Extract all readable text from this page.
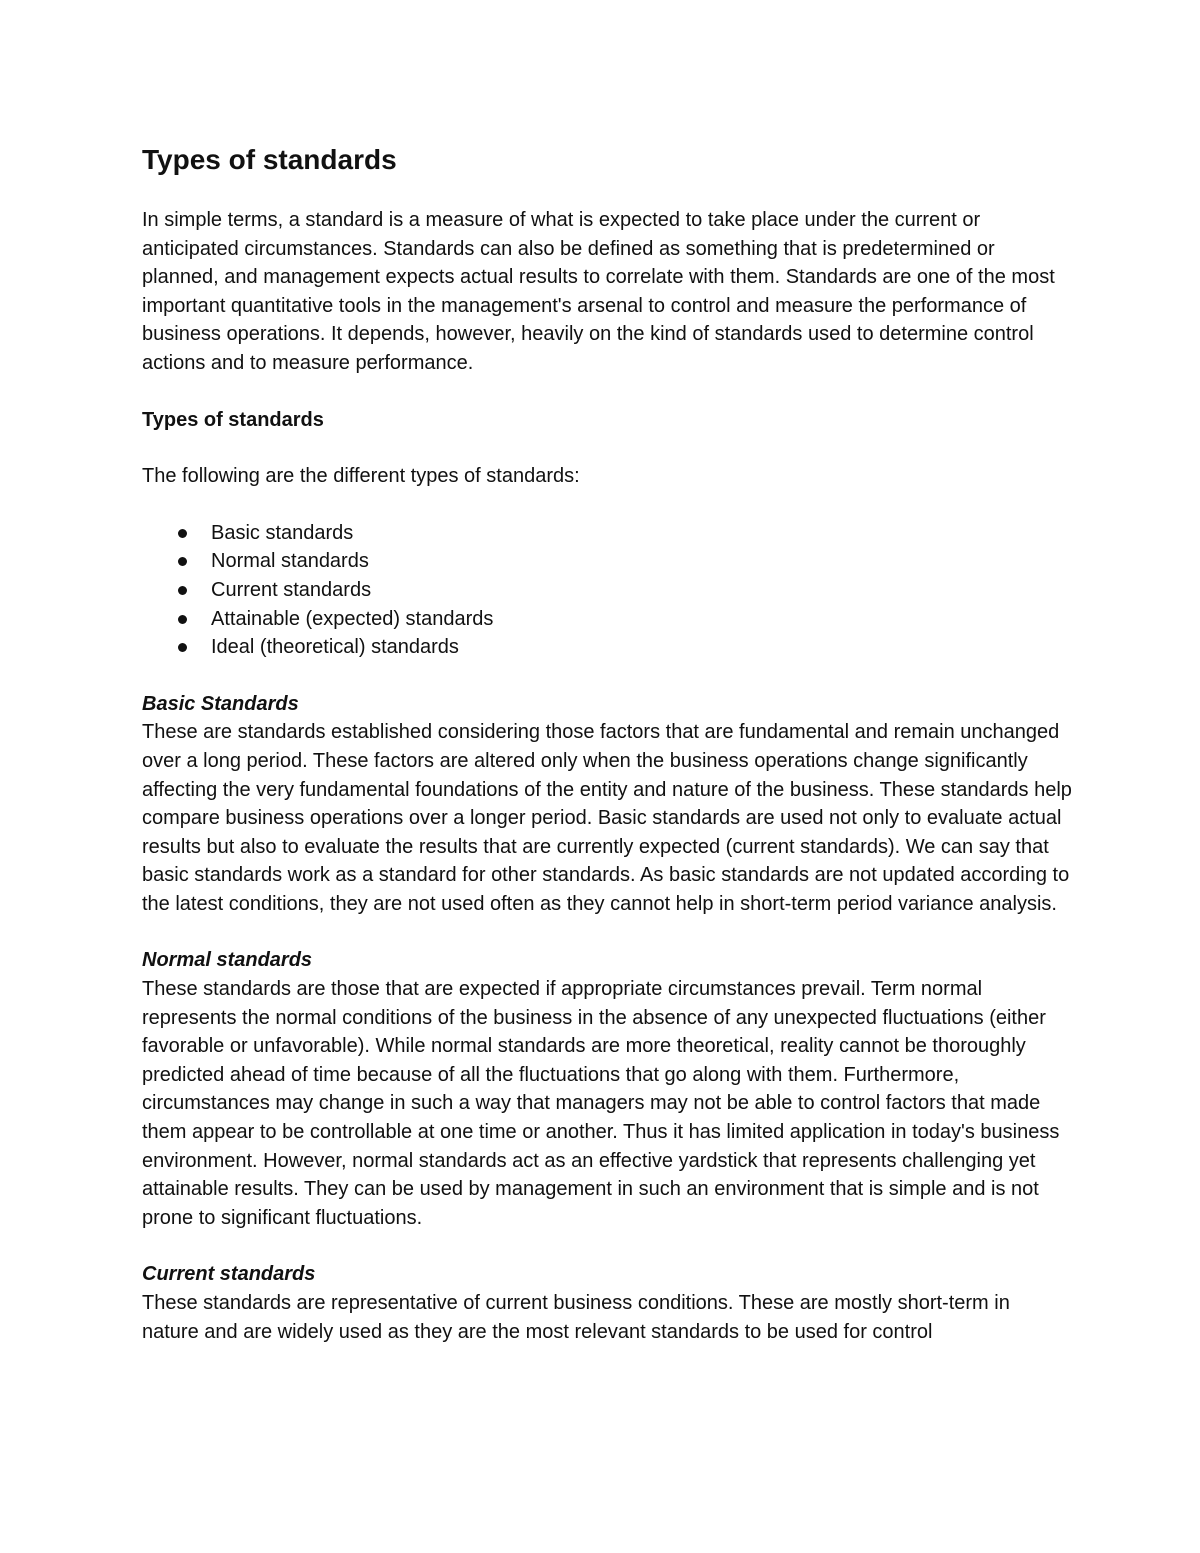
Types of standards

In simple terms, a standard is a measure of what is expected to take place under the current or anticipated circumstances. Standards can also be defined as something that is predetermined or planned, and management expects actual results to correlate with them. Standards are one of the most important quantitative tools in the management's arsenal to control and measure the performance of business operations. It depends, however, heavily on the kind of standards used to determine control actions and to measure performance.

Types of standards

The following are the different types of standards:

Basic standards
Normal standards
Current standards
Attainable (expected) standards
Ideal (theoretical) standards

Basic Standards

These are standards established considering those factors that are fundamental and remain unchanged over a long period. These factors are altered only when the business operations change significantly affecting the very fundamental foundations of the entity and nature of the business. These standards help compare business operations over a longer period. Basic standards are used not only to evaluate actual results but also to evaluate the results that are currently expected (current standards). We can say that basic standards work as a standard for other standards. As basic standards are not updated according to the latest conditions, they are not used often as they cannot help in short-term period variance analysis.

Normal standards

These standards are those that are expected if appropriate circumstances prevail. Term normal represents the normal conditions of the business in the absence of any unexpected fluctuations (either favorable or unfavorable). While normal standards are more theoretical, reality cannot be thoroughly predicted ahead of time because of all the fluctuations that go along with them. Furthermore, circumstances may change in such a way that managers may not be able to control factors that made them appear to be controllable at one time or another. Thus it has limited application in today's business environment. However, normal standards act as an effective yardstick that represents challenging yet attainable results. They can be used by management in such an environment that is simple and is not prone to significant fluctuations.

Current standards

These standards are representative of current business conditions. These are mostly short-term in nature and are widely used as they are the most relevant standards to be used for control
